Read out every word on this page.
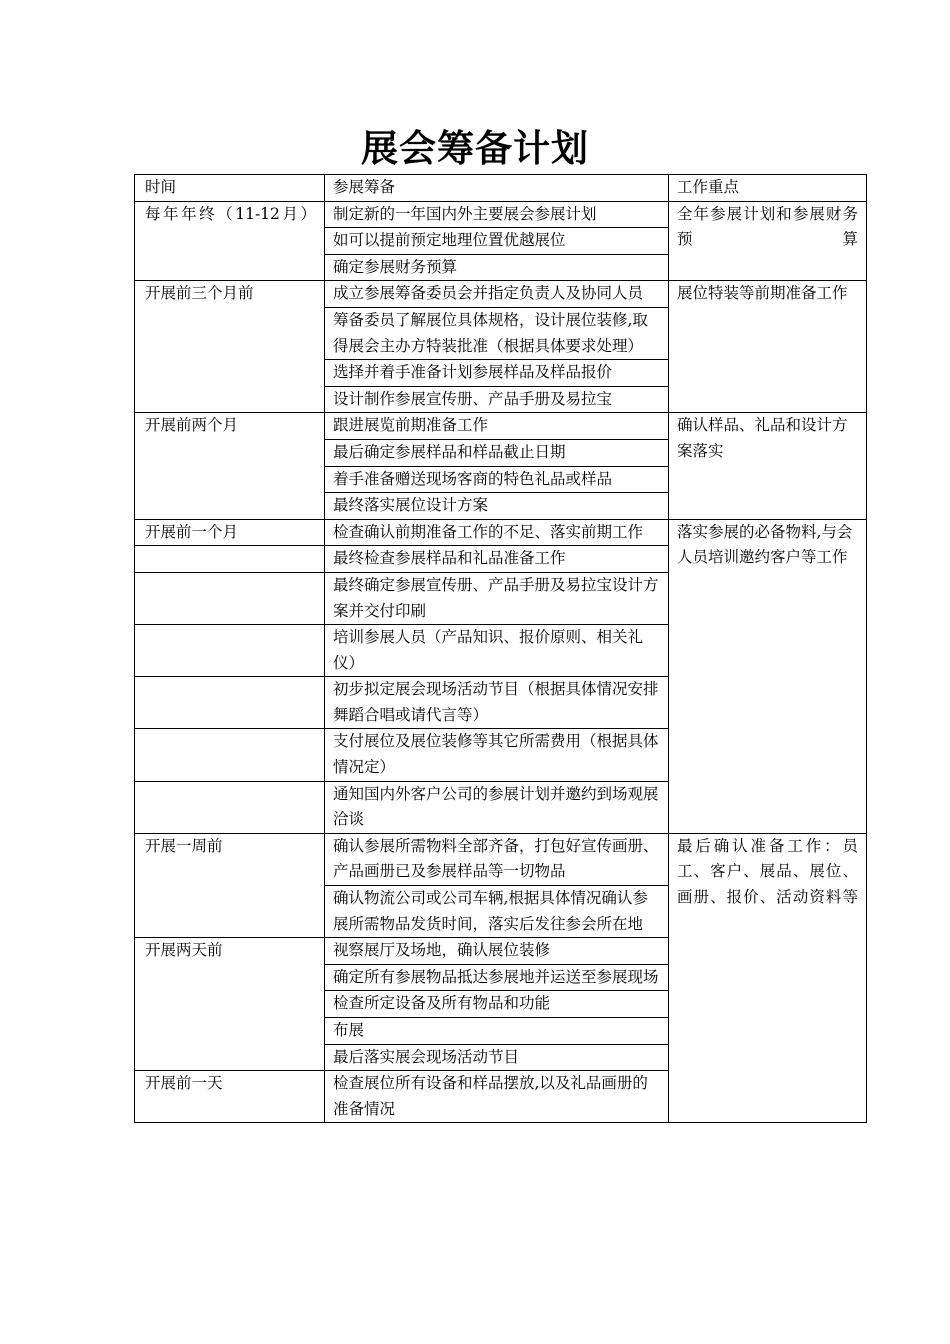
展会筹备计划
时间	参展筹备	工作重点
每年年终（11-12月）	制定新的一年国内外主要展会参展计划	全年参展计划和参展财务预算
	如可以提前预定地理位置优越展位	
	确定参展财务预算	
开展前三个月前	成立参展筹备委员会并指定负责人及协同人员	展位特装等前期准备工作
	筹备委员了解展位具体规格，设计展位装修,取得展会主办方特装批准（根据具体要求处理）	
	选择并着手准备计划参展样品及样品报价	
	设计制作参展宣传册、产品手册及易拉宝	
开展前两个月	跟进展览前期准备工作	确认样品、礼品和设计方案落实
	最后确定参展样品和样品截止日期	
	着手准备赠送现场客商的特色礼品或样品	
	最终落实展位设计方案	
开展前一个月	检查确认前期准备工作的不足、落实前期工作	落实参展的必备物料,与会人员培训邀约客户等工作
	最终检查参展样品和礼品准备工作	
	最终确定参展宣传册、产品手册及易拉宝设计方案并交付印刷	
	培训参展人员（产品知识、报价原则、相关礼仪）	
	初步拟定展会现场活动节目（根据具体情况安排舞蹈合唱或请代言等）	
	支付展位及展位装修等其它所需费用（根据具体情况定）	
	通知国内外客户公司的参展计划并邀约到场观展洽谈	
开展一周前	确认参展所需物料全部齐备，打包好宣传画册、产品画册已及参展样品等一切物品	最后确认准备工作：员工、客户、展品、展位、画册、报价、活动资料等
	确认物流公司或公司车辆,根据具体情况确认参展所需物品发货时间，落实后发往参会所在地	
开展两天前	视察展厅及场地，确认展位装修	
	确定所有参展物品抵达参展地并运送至参展现场	
	检查所定设备及所有物品和功能	
	布展	
	最后落实展会现场活动节目	
开展前一天	检查展位所有设备和样品摆放,以及礼品画册的准备情况	
